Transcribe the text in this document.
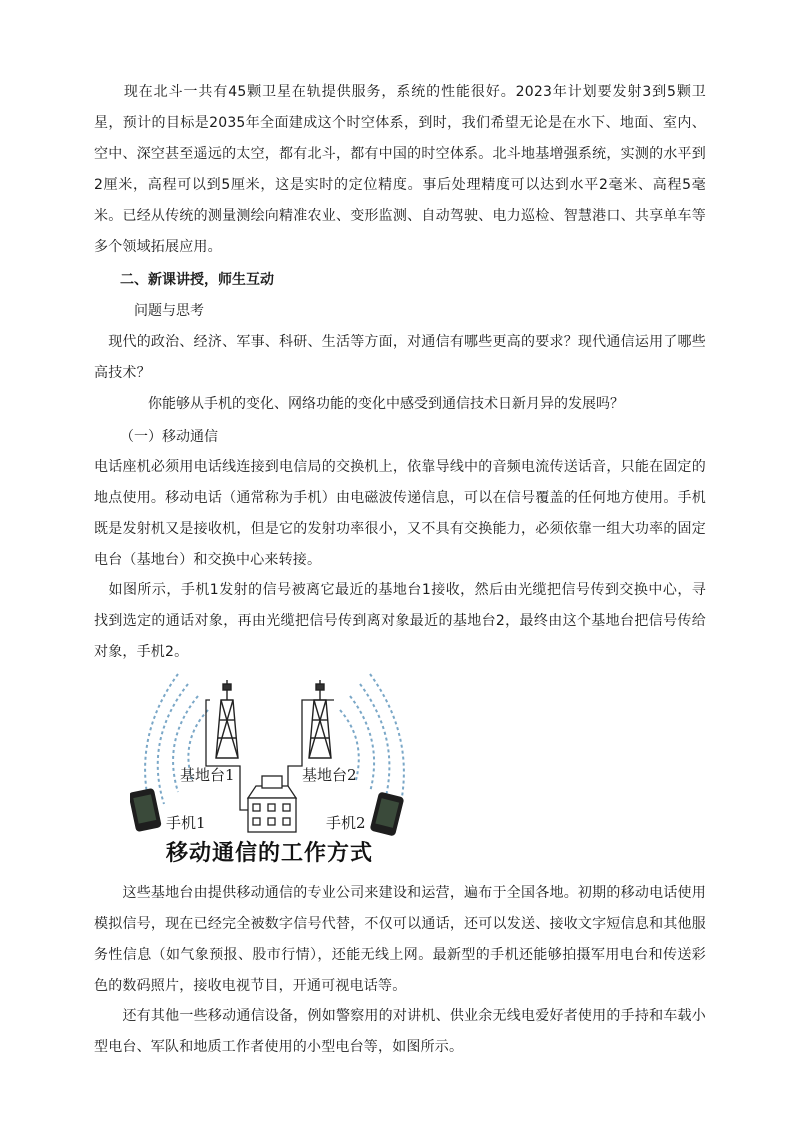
　　现在北斗一共有45颗卫星在轨提供服务，系统的性能很好。2023年计划要发射3到5颗卫星，预计的目标是2035年全面建成这个时空体系，到时，我们希望无论是在水下、地面、室内、空中、深空甚至遥远的太空，都有北斗，都有中国的时空体系。北斗地基增强系统，实测的水平到2厘米，高程可以到5厘米，这是实时的定位精度。事后处理精度可以达到水平2毫米、高程5毫米。已经从传统的测量测绘向精准农业、变形监测、自动驾驶、电力巡检、智慧港口、共享单车等多个领域拓展应用。

二、新课讲授，师生互动

问题与思考

　现代的政治、经济、军事、科研、生活等方面，对通信有哪些更高的要求？现代通信运用了哪些高技术？

你能够从手机的变化、网络功能的变化中感受到通信技术日新月异的发展吗？

（一）移动通信

电话座机必须用电话线连接到电信局的交换机上，依靠导线中的音频电流传送话音，只能在固定的地点使用。移动电话（通常称为手机）由电磁波传递信息，可以在信号覆盖的任何地方使用。手机既是发射机又是接收机，但是它的发射功率很小，又不具有交换能力，必须依靠一组大功率的固定电台（基地台）和交换中心来转接。

　如图所示，手机1发射的信号被离它最近的基地台1接收，然后由光缆把信号传到交换中心，寻找到选定的通话对象，再由光缆把信号传到离对象最近的基地台2，最终由这个基地台把信号传给对象，手机2。

基地台1	基地台2
手机1	手机2
移动通信的工作方式

　　这些基地台由提供移动通信的专业公司来建设和运营，遍布于全国各地。初期的移动电话使用模拟信号，现在已经完全被数字信号代替，不仅可以通话，还可以发送、接收文字短信息和其他服务性信息（如气象预报、股市行情），还能无线上网。最新型的手机还能够拍摄军用电台和传送彩色的数码照片，接收电视节目，开通可视电话等。

　　还有其他一些移动通信设备，例如警察用的对讲机、供业余无线电爱好者使用的手持和车载小型电台、军队和地质工作者使用的小型电台等，如图所示。
